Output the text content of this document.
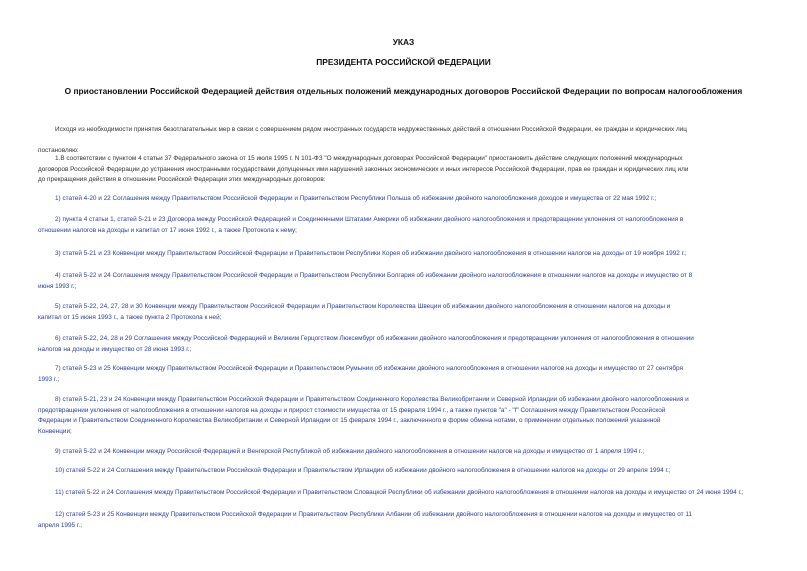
УКАЗ
ПРЕЗИДЕНТА РОССИЙСКОЙ ФЕДЕРАЦИИ
О приостановлении Российской Федерацией действия отдельных положений международных договоров Российской Федерации по вопросам налогообложения
Исходя из необходимости принятия безотлагательных мер в связи с совершением рядом иностранных государств недружественных действий в отношении Российской Федерации, ее граждан и юридических лиц
постановляю:
1.В соответствии с пунктом 4 статьи 37 Федерального закона от 15 июля 1995 г. N 101-ФЗ "О международных договорах Российской Федерации" приостановить действие следующих положений международных
договоров Российской Федерации до устранения иностранными государствами допущенных ими нарушений законных экономических и иных интересов Российской Федерации, прав ее граждан и юридических лиц или
до прекращения действия в отношении Российской Федерации этих международных договоров:
1) статей 4-20 и 22 Соглашения между Правительством Российской Федерации и Правительством Республики Польша об избежании двойного налогообложения доходов и имущества от 22 мая 1992 г.;
2) пункта 4 статьи 1, статей 5-21 и 23 Договора между Российской Федерацией и Соединенными Штатами Америки об избежании двойного налогообложения и предотвращении уклонения от налогообложения в
отношении налогов на доходы и капитал от 17 июня 1992 г., а также Протокола к нему;
3) статей 5-21 и 23 Конвенции между Правительством Российской Федерации и Правительством Республики Корея об избежании двойного налогообложения в отношении налогов на доходы от 19 ноября 1992 г.;
4) статей 5-22 и 24 Соглашения между Правительством Российской Федерации и Правительством Республики Болгария об избежании двойного налогообложения в отношении налогов на доходы и имущество от 8
июня 1993 г.;
5) статей 5-22, 24, 27, 28 и 30 Конвенции между Правительством Российской Федерации и Правительством Королевства Швеции об избежании двойного налогообложения в отношении налогов на доходы и
капитал от 15 июня 1993 г., а также пункта 2 Протокола к ней;
6) статей 5-22, 24, 28 и 29 Соглашения между Российской Федерацией и Великим Герцогством Люксембург об избежании двойного налогообложения и предотвращении уклонения от налогообложения в отношении
налогов на доходы и имущество от 28 июня 1993 г.;
7) статей 5-23 и 25 Конвенции между Правительством Российской Федерации и Правительством Румынии об избежании двойного налогообложения в отношении налогов на доходы и имущество от 27 сентября
1993 г.;
8) статей 5-21, 23 и 24 Конвенции между Правительством Российской Федерации и Правительством Соединенного Королевства Великобритании и Северной Ирландии об избежании двойного налогообложения и
предотвращении уклонения от налогообложения в отношении налогов на доходы и прирост стоимости имущества от 15 февраля 1994 г., а также пунктов "а" - "f" Соглашения между Правительством Российской
Федерации и Правительством Соединенного Королевства Великобритании и Северной Ирландии от 15 февраля 1994 г., заключенного в форме обмена нотами, о применении отдельных положений указанной
Конвенции;
9) статей 5-22 и 24 Конвенции между Российской Федерацией и Венгерской Республикой об избежании двойного налогообложения в отношении налогов на доходы и имущество от 1 апреля 1994 г.;
10) статей 5-22 и 24 Соглашения между Правительством Российской Федерации и Правительством Ирландии об избежании двойного налогообложения в отношении налогов на доходы от 29 апреля 1994 г.;
11) статей 5-22 и 24 Соглашения между Правительством Российской Федерации и Правительством Словацкой Республики об избежании двойного налогообложения в отношении налогов на доходы и имущество от 24 июня 1994 г.;
12) статей 5-23 и 25 Конвенции между Правительством Российской Федерации и Правительством Республики Албании об избежании двойного налогообложения в отношении налогов на доходы и имущество от 11
апреля 1995 г.;
